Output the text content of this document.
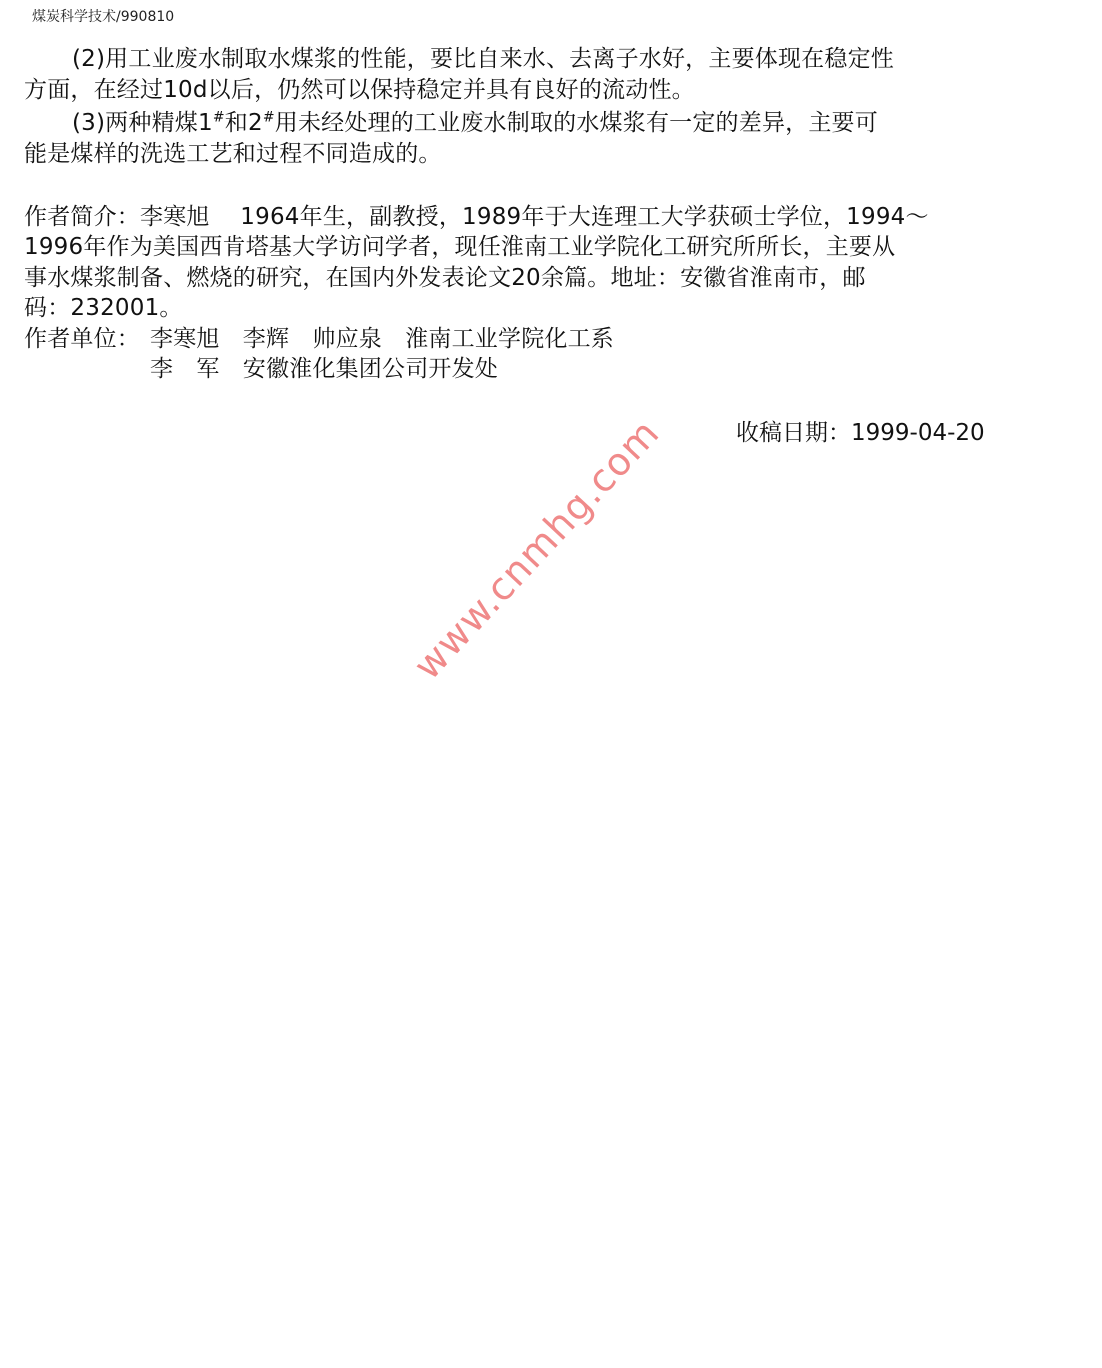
煤炭科学技术/990810
(2)用工业废水制取水煤浆的性能，要比自来水、去离子水好，主要体现在稳定性
方面，在经过10d以后，仍然可以保持稳定并具有良好的流动性。
(3)两种精煤1#和2#用未经处理的工业废水制取的水煤浆有一定的差异，主要可
能是煤样的洗选工艺和过程不同造成的。
作者简介：李寒旭　 1964年生，副教授，1989年于大连理工大学获硕士学位，1994～
1996年作为美国西肯塔基大学访问学者，现任淮南工业学院化工研究所所长，主要从
事水煤浆制备、燃烧的研究，在国内外发表论文20余篇。地址：安徽省淮南市，邮
码：232001。
作者单位： 李寒旭　李辉　帅应泉　淮南工业学院化工系
李　军　安徽淮化集团公司开发处
收稿日期：1999-04-20
www.cnmhg.com
